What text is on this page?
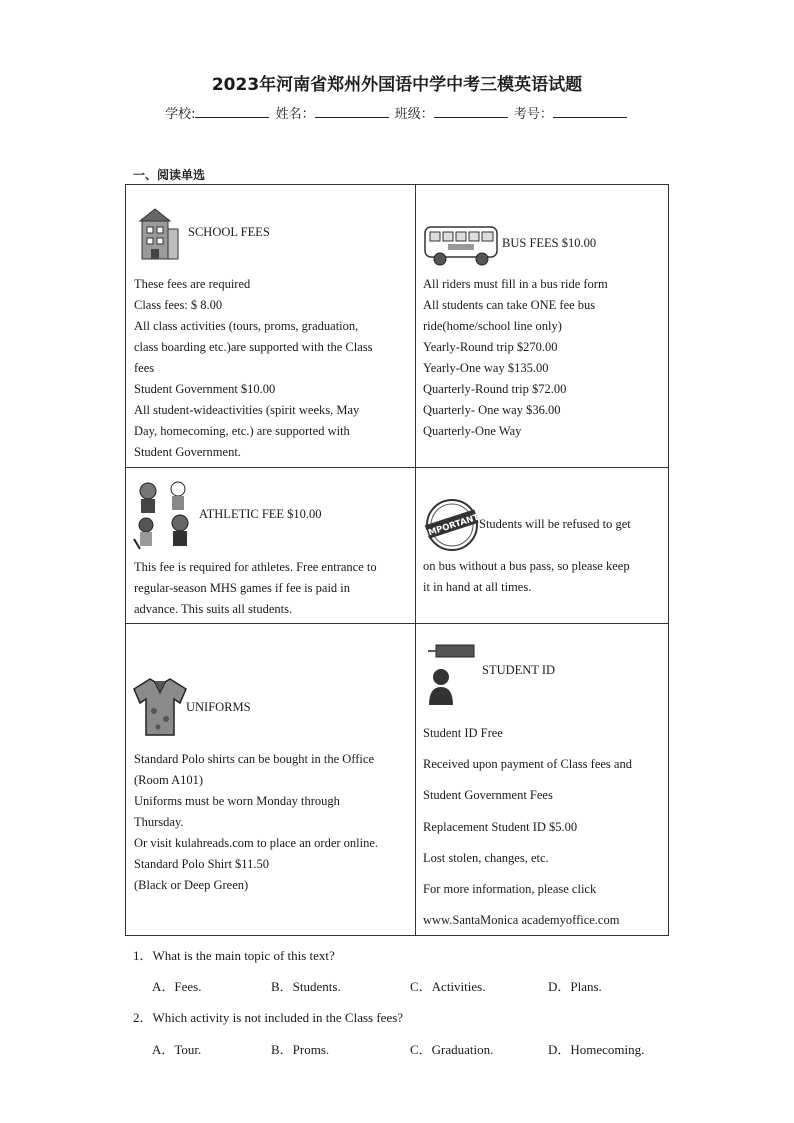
2023年河南省郑州外国语中学中考三模英语试题
学校:	姓名：	班级：	考号：
一、阅读单选
SCHOOL FEES

These fees are required

Class fees: $ 8.00

All class activities (tours, proms, graduation,

class boarding etc.)are supported with the Class

fees

Student Government $10.00

All student-wideactivities (spirit weeks, May

Day, homecoming, etc.) are supported with

Student Government.

BUS FEES $10.00

All riders must fill in a bus ride form

All students can take ONE fee bus

ride(home/school line only)

Yearly-Round trip $270.00

Yearly-One way $135.00

Quarterly-Round trip $72.00

Quarterly- One way $36.00

Quarterly-One Way

ATHLETIC FEE $10.00

This fee is required for athletes. Free entrance to

regular-season MHS games if fee is paid in

advance. This suits all students.

IMPORTANT
Students will be refused to get

on bus without a bus pass, so please keep

it in hand at all times.

UNIFORMS

Standard Polo shirts can be bought in the Office

(Room A101)

Uniforms must be worn Monday through

Thursday.

Or visit kulahreads.com to place an order online.

Standard Polo Shirt $11.50

(Black or Deep Green)

STUDENT ID

Student ID Free

Received upon payment of Class fees and

Student Government Fees

Replacement Student ID $5.00

Lost stolen, changes, etc.

For more information, please click

www.SantaMonica academyoffice.com

1．What is the main topic of this text?
A．Fees.	B．Students.	C．Activities.	D．Plans.
2．Which activity is not included in the Class fees?
A．Tour.	B．Proms.	C．Graduation.	D．Homecoming.
